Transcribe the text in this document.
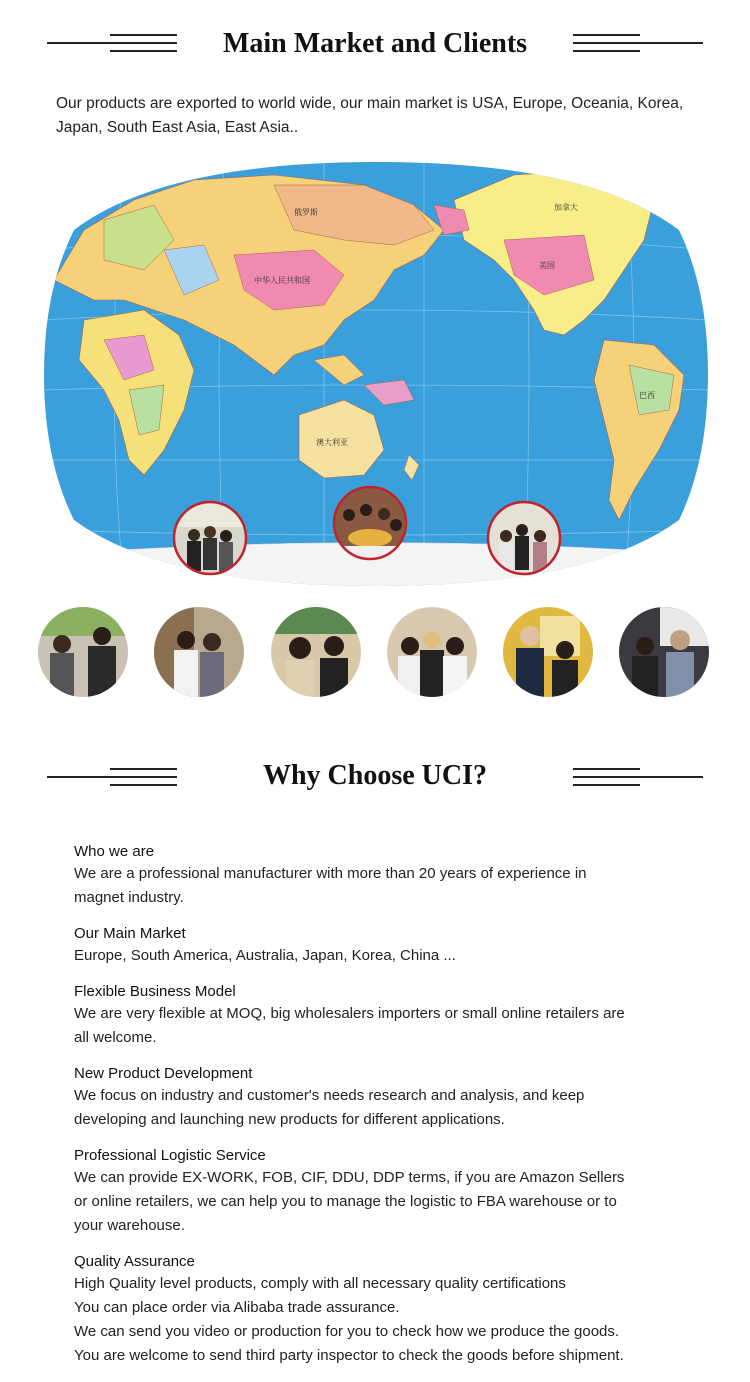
Main Market and Clients
Our products are exported to world wide, our main market is USA, Europe, Oceania, Korea, Japan, South East Asia, East Asia..
中华人民共和国
澳大利亚
加拿大
美国
巴西
俄罗斯
Why Choose UCI?
Who we are
We are a professional manufacturer with more than 20 years of experience in
magnet industry.
Our Main Market
Europe, South America, Australia, Japan, Korea, China ...
Flexible Business Model
We are very flexible at MOQ, big wholesalers importers or small online retailers are
all welcome.
New Product Development
We focus on industry and customer's needs research and analysis, and keep
developing and launching new products for different applications.
Professional Logistic Service
We can provide EX-WORK, FOB, CIF, DDU, DDP terms, if you are Amazon Sellers
or online retailers, we can help you to manage the logistic to FBA warehouse or to
your warehouse.
Quality Assurance
High Quality level products, comply with all necessary quality certifications
You can place order via Alibaba trade assurance.
We can send you video or production for you to check how we produce the goods.
You are welcome to send third party inspector to check the goods before shipment.
